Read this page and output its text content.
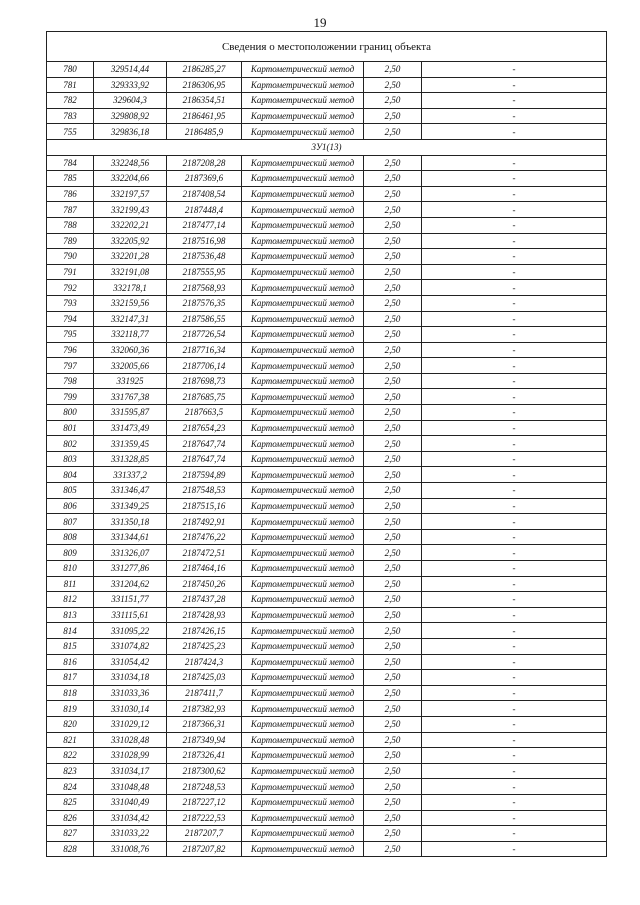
19
Сведения о местоположении границ объекта					
780	329514,44	2186285,27	Картометрический метод	2,50	-
781	329333,92	2186306,95	Картометрический метод	2,50	-
782	329604,3	2186354,51	Картометрический метод	2,50	-
783	329808,92	2186461,95	Картометрический метод	2,50	-
755	329836,18	2186485,9	Картометрический метод	2,50	-
3У1(13)					
784	332248,56	2187208,28	Картометрический метод	2,50	-
785	332204,66	2187369,6	Картометрический метод	2,50	-
786	332197,57	2187408,54	Картометрический метод	2,50	-
787	332199,43	2187448,4	Картометрический метод	2,50	-
788	332202,21	2187477,14	Картометрический метод	2,50	-
789	332205,92	2187516,98	Картометрический метод	2,50	-
790	332201,28	2187536,48	Картометрический метод	2,50	-
791	332191,08	2187555,95	Картометрический метод	2,50	-
792	332178,1	2187568,93	Картометрический метод	2,50	-
793	332159,56	2187576,35	Картометрический метод	2,50	-
794	332147,31	2187586,55	Картометрический метод	2,50	-
795	332118,77	2187726,54	Картометрический метод	2,50	-
796	332060,36	2187716,34	Картометрический метод	2,50	-
797	332005,66	2187706,14	Картометрический метод	2,50	-
798	331925	2187698,73	Картометрический метод	2,50	-
799	331767,38	2187685,75	Картометрический метод	2,50	-
800	331595,87	2187663,5	Картометрический метод	2,50	-
801	331473,49	2187654,23	Картометрический метод	2,50	-
802	331359,45	2187647,74	Картометрический метод	2,50	-
803	331328,85	2187647,74	Картометрический метод	2,50	-
804	331337,2	2187594,89	Картометрический метод	2,50	-
805	331346,47	2187548,53	Картометрический метод	2,50	-
806	331349,25	2187515,16	Картометрический метод	2,50	-
807	331350,18	2187492,91	Картометрический метод	2,50	-
808	331344,61	2187476,22	Картометрический метод	2,50	-
809	331326,07	2187472,51	Картометрический метод	2,50	-
810	331277,86	2187464,16	Картометрический метод	2,50	-
811	331204,62	2187450,26	Картометрический метод	2,50	-
812	331151,77	2187437,28	Картометрический метод	2,50	-
813	331115,61	2187428,93	Картометрический метод	2,50	-
814	331095,22	2187426,15	Картометрический метод	2,50	-
815	331074,82	2187425,23	Картометрический метод	2,50	-
816	331054,42	2187424,3	Картометрический метод	2,50	-
817	331034,18	2187425,03	Картометрический метод	2,50	-
818	331033,36	2187411,7	Картометрический метод	2,50	-
819	331030,14	2187382,93	Картометрический метод	2,50	-
820	331029,12	2187366,31	Картометрический метод	2,50	-
821	331028,48	2187349,94	Картометрический метод	2,50	-
822	331028,99	2187326,41	Картометрический метод	2,50	-
823	331034,17	2187300,62	Картометрический метод	2,50	-
824	331048,48	2187248,53	Картометрический метод	2,50	-
825	331040,49	2187227,12	Картометрический метод	2,50	-
826	331034,42	2187222,53	Картометрический метод	2,50	-
827	331033,22	2187207,7	Картометрический метод	2,50	-
828	331008,76	2187207,82	Картометрический метод	2,50	-
